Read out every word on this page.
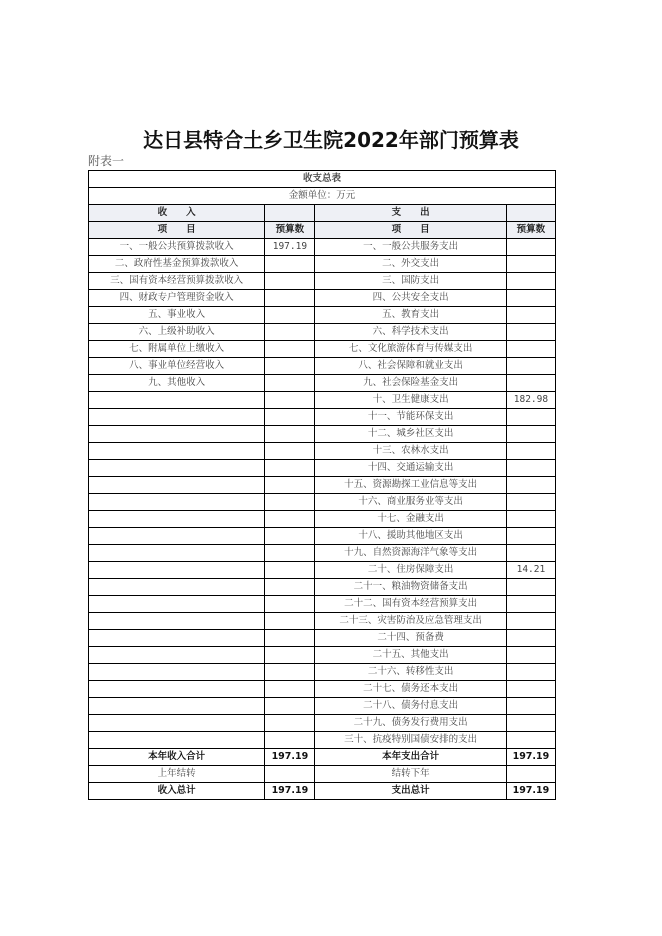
达日县特合土乡卫生院2022年部门预算表
附表一
收支总表			
金额单位：万元			
收　　入		支　　出	
项　　目	预算数	项　　目	预算数
一、一般公共预算拨款收入	197.19	一、一般公共服务支出	
二、政府性基金预算拨款收入		二、外交支出	
三、国有资本经营预算拨款收入		三、国防支出	
四、财政专户管理资金收入		四、公共安全支出	
五、事业收入		五、教育支出	
六、上级补助收入		六、科学技术支出	
七、附属单位上缴收入		七、文化旅游体育与传媒支出	
八、事业单位经营收入		八、社会保障和就业支出	
九、其他收入		九、社会保险基金支出	
		十、卫生健康支出	182.98
		十一、节能环保支出	
		十二、城乡社区支出	
		十三、农林水支出	
		十四、交通运输支出	
		十五、资源勘探工业信息等支出	
		十六、商业服务业等支出	
		十七、金融支出	
		十八、援助其他地区支出	
		十九、自然资源海洋气象等支出	
		二十、住房保障支出	14.21
		二十一、粮油物资储备支出	
		二十二、国有资本经营预算支出	
		二十三、灾害防治及应急管理支出	
		二十四、预备费	
		二十五、其他支出	
		二十六、转移性支出	
		二十七、债务还本支出	
		二十八、债务付息支出	
		二十九、债务发行费用支出	
		三十、抗疫特别国债安排的支出	
本年收入合计	197.19	本年支出合计	197.19
上年结转		结转下年	
收入总计	197.19	支出总计	197.19
